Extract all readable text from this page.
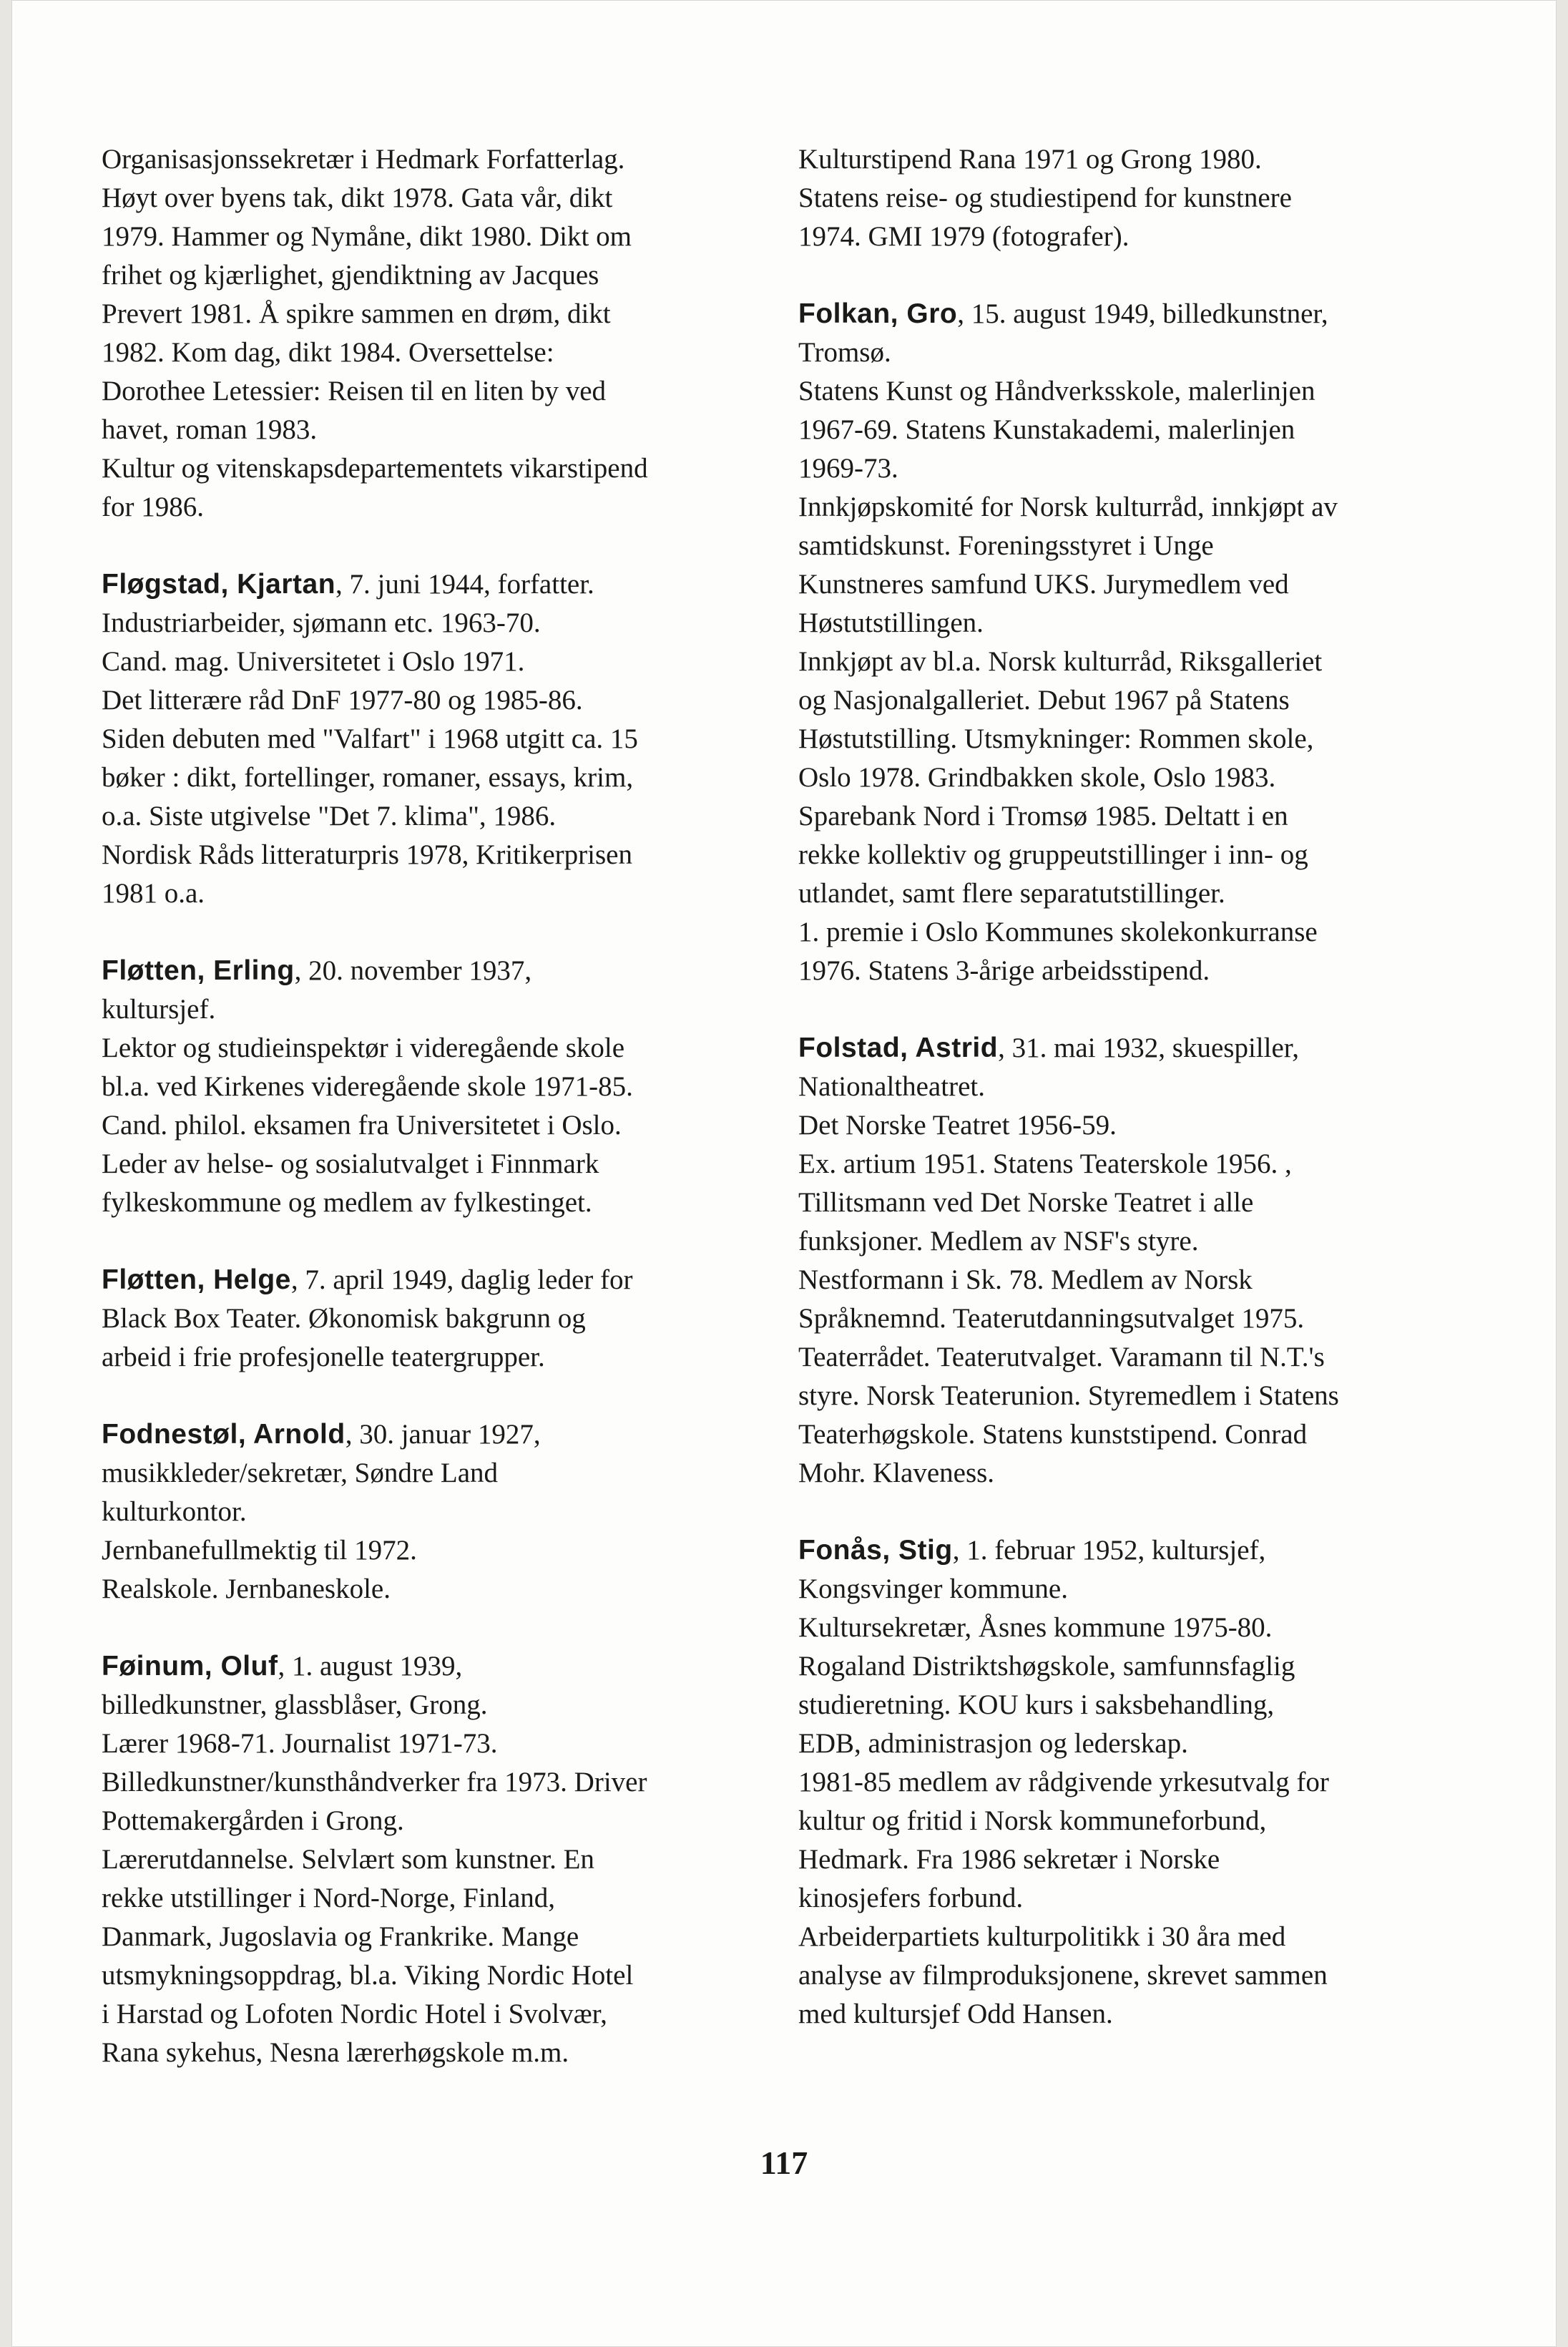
Organisasjonssekretær i Hedmark Forfatterlag.

Høyt over byens tak, dikt 1978. Gata vår, dikt

1979. Hammer og Nymåne, dikt 1980. Dikt om

frihet og kjærlighet, gjendiktning av Jacques

Prevert 1981. Å spikre sammen en drøm, dikt

1982. Kom dag, dikt 1984. Oversettelse:

Dorothee Letessier: Reisen til en liten by ved

havet, roman 1983.

Kultur og vitenskapsdepartementets vikarstipend

for 1986.

Fløgstad, Kjartan, 7. juni 1944, forfatter.

Industriarbeider, sjømann etc. 1963-70.

Cand. mag. Universitetet i Oslo 1971.

Det litterære råd DnF 1977-80 og 1985-86.

Siden debuten med "Valfart" i 1968 utgitt ca. 15

bøker : dikt, fortellinger, romaner, essays, krim,

o.a. Siste utgivelse "Det 7. klima", 1986.

Nordisk Råds litteraturpris 1978, Kritikerprisen

1981 o.a.

Fløtten, Erling, 20. november 1937,

kultursjef.

Lektor og studieinspektør i videregående skole

bl.a. ved Kirkenes videregående skole 1971-85.

Cand. philol. eksamen fra Universitetet i Oslo.

Leder av helse- og sosialutvalget i Finnmark

fylkeskommune og medlem av fylkestinget.

Fløtten, Helge, 7. april 1949, daglig leder for

Black Box Teater. Økonomisk bakgrunn og

arbeid i frie profesjonelle teatergrupper.

Fodnestøl, Arnold, 30. januar 1927,

musikkleder/sekretær, Søndre Land

kulturkontor.

Jernbanefullmektig til 1972.

Realskole. Jernbaneskole.

Føinum, Oluf, 1. august 1939,

billedkunstner, glassblåser, Grong.

Lærer 1968-71. Journalist 1971-73.

Billedkunstner/kunsthåndverker fra 1973. Driver

Pottemakergården i Grong.

Lærerutdannelse. Selvlært som kunstner. En

rekke utstillinger i Nord-Norge, Finland,

Danmark, Jugoslavia og Frankrike. Mange

utsmykningsoppdrag, bl.a. Viking Nordic Hotel

i Harstad og Lofoten Nordic Hotel i Svolvær,

Rana sykehus, Nesna lærerhøgskole m.m.

Kulturstipend Rana 1971 og Grong 1980.

Statens reise- og studiestipend for kunstnere

1974. GMI 1979 (fotografer).

Folkan, Gro, 15. august 1949, billedkunstner,

Tromsø.

Statens Kunst og Håndverksskole, malerlinjen

1967-69. Statens Kunstakademi, malerlinjen

1969-73.

Innkjøpskomité for Norsk kulturråd, innkjøpt av

samtidskunst. Foreningsstyret i Unge

Kunstneres samfund UKS. Jurymedlem ved

Høstutstillingen.

Innkjøpt av bl.a. Norsk kulturråd, Riksgalleriet

og Nasjonalgalleriet. Debut 1967 på Statens

Høstutstilling. Utsmykninger: Rommen skole,

Oslo 1978. Grindbakken skole, Oslo 1983.

Sparebank Nord i Tromsø 1985. Deltatt i en

rekke kollektiv og gruppeutstillinger i inn- og

utlandet, samt flere separatutstillinger.

1. premie i Oslo Kommunes skolekonkurranse

1976. Statens 3-årige arbeidsstipend.

Folstad, Astrid, 31. mai 1932, skuespiller,

Nationaltheatret.

Det Norske Teatret 1956-59.

Ex. artium 1951. Statens Teaterskole 1956. ,

Tillitsmann ved Det Norske Teatret i alle

funksjoner. Medlem av NSF's styre.

Nestformann i Sk. 78. Medlem av Norsk

Språknemnd. Teaterutdanningsutvalget 1975.

Teaterrådet. Teaterutvalget. Varamann til N.T.'s

styre. Norsk Teaterunion. Styremedlem i Statens

Teaterhøgskole. Statens kunststipend. Conrad

Mohr. Klaveness.

Fonås, Stig, 1. februar 1952, kultursjef,

Kongsvinger kommune.

Kultursekretær, Åsnes kommune 1975-80.

Rogaland Distriktshøgskole, samfunnsfaglig

studieretning. KOU kurs i saksbehandling,

EDB, administrasjon og lederskap.

1981-85 medlem av rådgivende yrkesutvalg for

kultur og fritid i Norsk kommuneforbund,

Hedmark. Fra 1986 sekretær i Norske

kinosjefers forbund.

Arbeiderpartiets kulturpolitikk i 30 åra med

analyse av filmproduksjonene, skrevet sammen

med kultursjef Odd Hansen.

117
